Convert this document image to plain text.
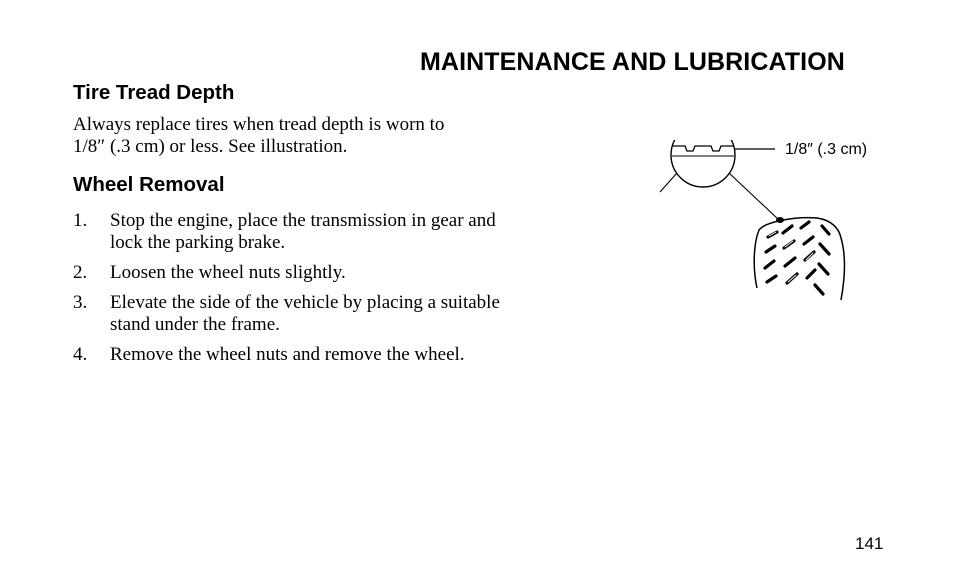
MAINTENANCE AND LUBRICATION
Tire Tread Depth

Always replace tires when tread depth is worn to
1/8″ (.3 cm) or less. See illustration.

Wheel Removal
1. Stop the engine, place the transmission in gear and
lock the parking brake.
2. Loosen the wheel nuts slightly.
3. Elevate the side of the vehicle by placing a suitable
stand under the frame.
4. Remove the wheel nuts and remove the wheel.

1/8″ (.3 cm)

141
